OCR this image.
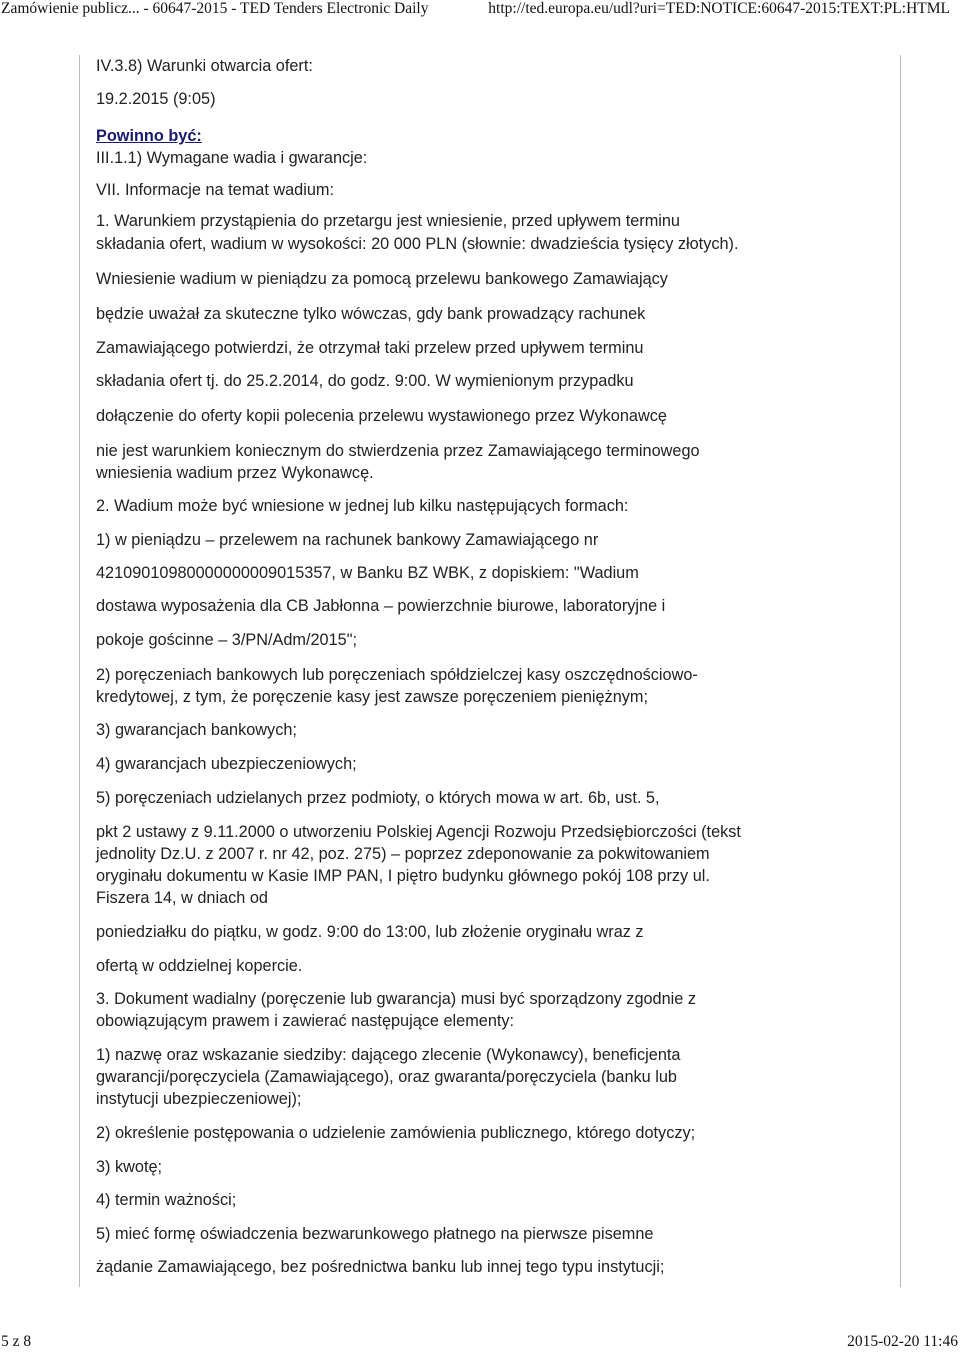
Zamówienie publicz... - 60647-2015 - TED Tenders Electronic Daily	http://ted.europa.eu/udl?uri=TED:NOTICE:60647-2015:TEXT:PL:HTML

IV.3.8) Warunki otwarcia ofert:

19.2.2015 (9:05)

Powinno być:

III.1.1) Wymagane wadia i gwarancje:

VII. Informacje na temat wadium:

1. Warunkiem przystąpienia do przetargu jest wniesienie, przed upływem terminu

składania ofert, wadium w wysokości: 20 000 PLN (słownie: dwadzieścia tysięcy złotych).

Wniesienie wadium w pieniądzu za pomocą przelewu bankowego Zamawiający

będzie uważał za skuteczne tylko wówczas, gdy bank prowadzący rachunek

Zamawiającego potwierdzi, że otrzymał taki przelew przed upływem terminu

składania ofert tj. do 25.2.2014, do godz. 9:00. W wymienionym przypadku

dołączenie do oferty kopii polecenia przelewu wystawionego przez Wykonawcę

nie jest warunkiem koniecznym do stwierdzenia przez Zamawiającego terminowego

wniesienia wadium przez Wykonawcę.

2. Wadium może być wniesione w jednej lub kilku następujących formach:

1) w pieniądzu – przelewem na rachunek bankowy Zamawiającego nr

42109010980000000009015357, w Banku BZ WBK, z dopiskiem: "Wadium

dostawa wyposażenia dla CB Jabłonna – powierzchnie biurowe, laboratoryjne i

pokoje gościnne – 3/PN/Adm/2015";

2) poręczeniach bankowych lub poręczeniach spółdzielczej kasy oszczędnościowo-

kredytowej, z tym, że poręczenie kasy jest zawsze poręczeniem pieniężnym;

3) gwarancjach bankowych;

4) gwarancjach ubezpieczeniowych;

5) poręczeniach udzielanych przez podmioty, o których mowa w art. 6b, ust. 5,

pkt 2 ustawy z 9.11.2000 o utworzeniu Polskiej Agencji Rozwoju Przedsiębiorczości (tekst

jednolity Dz.U. z 2007 r. nr 42, poz. 275) – poprzez zdeponowanie za pokwitowaniem

oryginału dokumentu w Kasie IMP PAN, I piętro budynku głównego pokój 108 przy ul.

Fiszera 14, w dniach od

poniedziałku do piątku, w godz. 9:00 do 13:00, lub złożenie oryginału wraz z

ofertą w oddzielnej kopercie.

3. Dokument wadialny (poręczenie lub gwarancja) musi być sporządzony zgodnie z

obowiązującym prawem i zawierać następujące elementy:

1) nazwę oraz wskazanie siedziby: dającego zlecenie (Wykonawcy), beneficjenta

gwarancji/poręczyciela (Zamawiającego), oraz gwaranta/poręczyciela (banku lub

instytucji ubezpieczeniowej);

2) określenie postępowania o udzielenie zamówienia publicznego, którego dotyczy;

3) kwotę;

4) termin ważności;

5) mieć formę oświadczenia bezwarunkowego płatnego na pierwsze pisemne

żądanie Zamawiającego, bez pośrednictwa banku lub innej tego typu instytucji;

5 z 8	2015-02-20 11:46
